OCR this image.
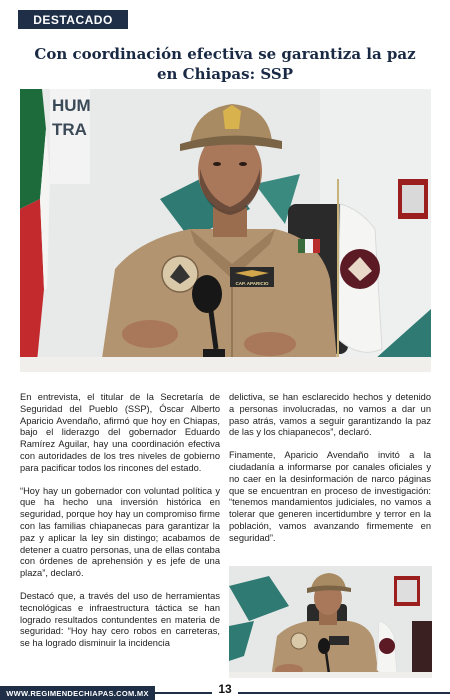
DESTACADO
Con coordinación efectiva se garantiza la paz en Chiapas: SSP
HUM
TRA
CAP. APARICIO

En entrevista, el titular de la Secretaría de Seguridad del Pueblo (SSP), Óscar Alberto Aparicio Avendaño, afirmó que hoy en Chiapas, bajo el liderazgo del gobernador Eduardo Ramírez Aguilar, hay una coordinación efectiva con autoridades de los tres niveles de gobierno para pacificar todos los rincones del estado.

“Hoy hay un gobernador con voluntad política y que ha hecho una inversión histórica en seguridad, porque hoy hay un compromiso firme con las familias chiapanecas para garantizar la paz y aplicar la ley sin distingo; acabamos de detener a cuatro personas, una de ellas contaba con órdenes de aprehensión y es jefe de una plaza”, declaró.

Destacó que, a través del uso de herramientas tecnológicas e infraestructura táctica se han logrado resultados contundentes en materia de seguridad: “Hoy hay cero robos en carreteras, se ha logrado disminuir la incidencia

delictiva, se han esclarecido hechos y detenido a personas involucradas, no vamos a dar un paso atrás, vamos a seguir garantizando la paz de las y los chiapanecos”, declaró.

Finamente, Aparicio Avendaño invitó a la ciudadanía a informarse por canales oficiales y no caer en la desinformación de narco páginas que se encuentran en proceso de investigación: “tenemos mandamientos judiciales, no vamos a tolerar que generen incertidumbre y terror en la población, vamos avanzando firmemente en seguridad”.

WWW.REGIMENDECHIAPAS.COM.MX	13
